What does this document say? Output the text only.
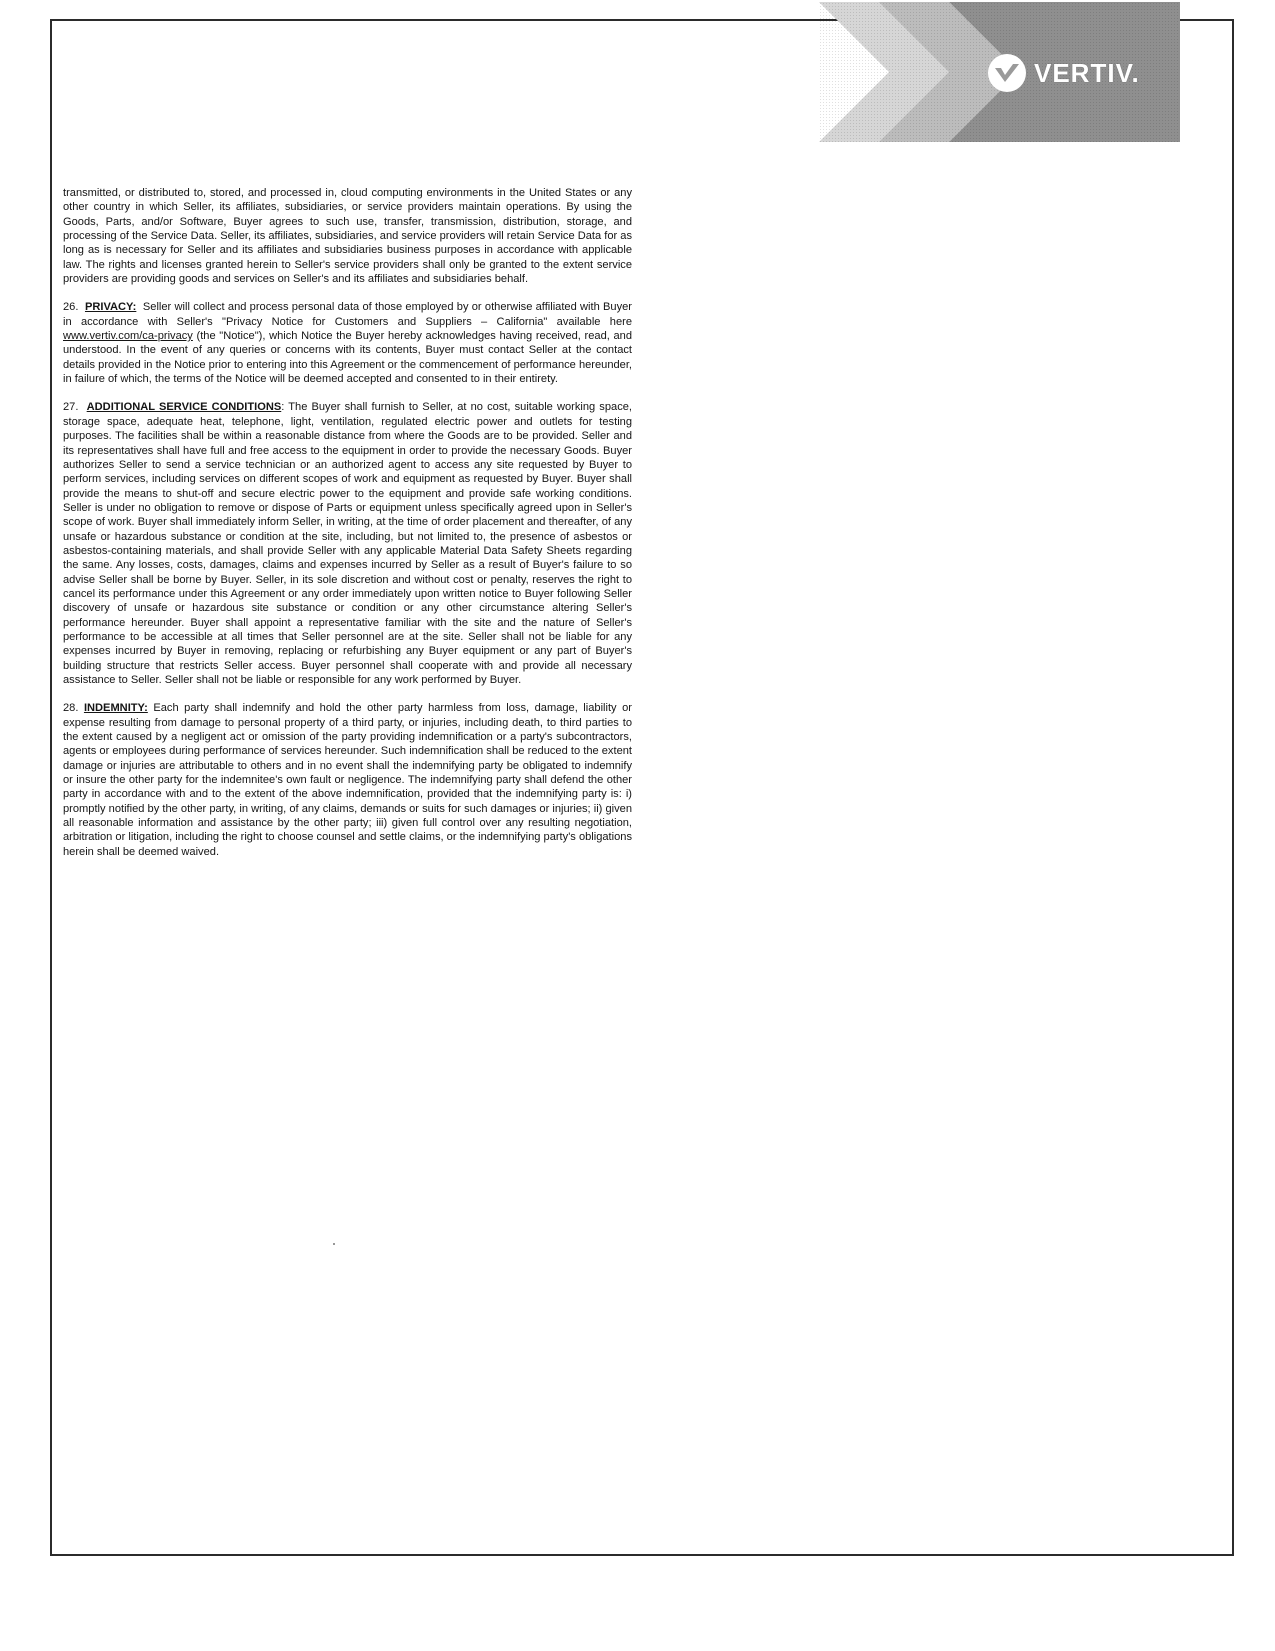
VERTIV.

transmitted, or distributed to, stored, and processed in, cloud computing environments in the United States or any other country in which Seller, its affiliates, subsidiaries, or service providers maintain operations. By using the Goods, Parts, and/or Software, Buyer agrees to such use, transfer, transmission, distribution, storage, and processing of the Service Data. Seller, its affiliates, subsidiaries, and service providers will retain Service Data for as long as is necessary for Seller and its affiliates and subsidiaries business purposes in accordance with applicable law. The rights and licenses granted herein to Seller's service providers shall only be granted to the extent service providers are providing goods and services on Seller's and its affiliates and subsidiaries behalf.

26. PRIVACY: Seller will collect and process personal data of those employed by or otherwise affiliated with Buyer in accordance with Seller's "Privacy Notice for Customers and Suppliers – California" available here www.vertiv.com/ca-privacy (the "Notice"), which Notice the Buyer hereby acknowledges having received, read, and understood. In the event of any queries or concerns with its contents, Buyer must contact Seller at the contact details provided in the Notice prior to entering into this Agreement or the commencement of performance hereunder, in failure of which, the terms of the Notice will be deemed accepted and consented to in their entirety.

27. ADDITIONAL SERVICE CONDITIONS: The Buyer shall furnish to Seller, at no cost, suitable working space, storage space, adequate heat, telephone, light, ventilation, regulated electric power and outlets for testing purposes. The facilities shall be within a reasonable distance from where the Goods are to be provided. Seller and its representatives shall have full and free access to the equipment in order to provide the necessary Goods. Buyer authorizes Seller to send a service technician or an authorized agent to access any site requested by Buyer to perform services, including services on different scopes of work and equipment as requested by Buyer. Buyer shall provide the means to shut-off and secure electric power to the equipment and provide safe working conditions. Seller is under no obligation to remove or dispose of Parts or equipment unless specifically agreed upon in Seller's scope of work. Buyer shall immediately inform Seller, in writing, at the time of order placement and thereafter, of any unsafe or hazardous substance or condition at the site, including, but not limited to, the presence of asbestos or asbestos-containing materials, and shall provide Seller with any applicable Material Data Safety Sheets regarding the same. Any losses, costs, damages, claims and expenses incurred by Seller as a result of Buyer's failure to so advise Seller shall be borne by Buyer. Seller, in its sole discretion and without cost or penalty, reserves the right to cancel its performance under this Agreement or any order immediately upon written notice to Buyer following Seller discovery of unsafe or hazardous site substance or condition or any other circumstance altering Seller's performance hereunder. Buyer shall appoint a representative familiar with the site and the nature of Seller's performance to be accessible at all times that Seller personnel are at the site. Seller shall not be liable for any expenses incurred by Buyer in removing, replacing or refurbishing any Buyer equipment or any part of Buyer's building structure that restricts Seller access. Buyer personnel shall cooperate with and provide all necessary assistance to Seller. Seller shall not be liable or responsible for any work performed by Buyer.

28. INDEMNITY: Each party shall indemnify and hold the other party harmless from loss, damage, liability or expense resulting from damage to personal property of a third party, or injuries, including death, to third parties to the extent caused by a negligent act or omission of the party providing indemnification or a party's subcontractors, agents or employees during performance of services hereunder. Such indemnification shall be reduced to the extent damage or injuries are attributable to others and in no event shall the indemnifying party be obligated to indemnify or insure the other party for the indemnitee's own fault or negligence. The indemnifying party shall defend the other party in accordance with and to the extent of the above indemnification, provided that the indemnifying party is: i) promptly notified by the other party, in writing, of any claims, demands or suits for such damages or injuries; ii) given all reasonable information and assistance by the other party; iii) given full control over any resulting negotiation, arbitration or litigation, including the right to choose counsel and settle claims, or the indemnifying party's obligations herein shall be deemed waived.
